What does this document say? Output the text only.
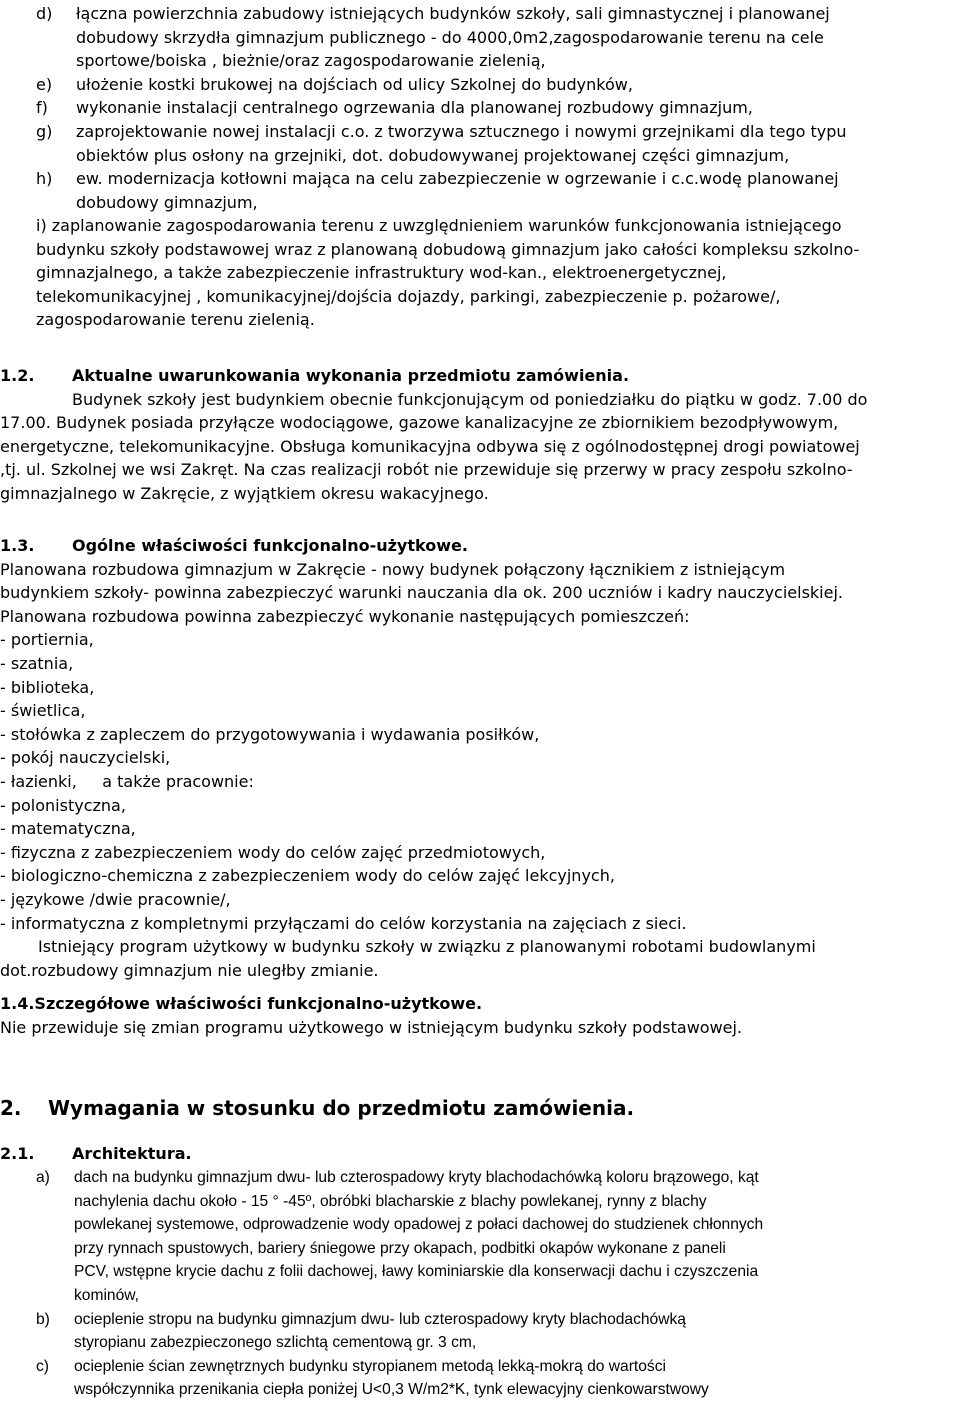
d)	łączna powierzchnia zabudowy istniejących budynków szkoły, sali gimnastycznej i planowanej

dobudowy skrzydła gimnazjum publicznego - do 4000,0m2,zagospodarowanie terenu na cele

sportowe/boiska , bieżnie/oraz zagospodarowanie zielenią,

e)	ułożenie kostki brukowej na dojściach od ulicy Szkolnej do budynków,

f)	wykonanie instalacji centralnego ogrzewania dla planowanej rozbudowy gimnazjum,

g)	zaprojektowanie nowej instalacji c.o. z tworzywa sztucznego i nowymi grzejnikami dla tego typu

obiektów plus osłony na grzejniki, dot. dobudowywanej projektowanej części gimnazjum,

h)	ew. modernizacja kotłowni mająca na celu zabezpieczenie w ogrzewanie i c.c.wodę planowanej

dobudowy gimnazjum,

i) zaplanowanie zagospodarowania terenu z uwzględnieniem warunków funkcjonowania istniejącego

budynku szkoły podstawowej wraz z planowaną dobudową gimnazjum jako całości kompleksu szkolno-

gimnazjalnego, a także zabezpieczenie infrastruktury wod-kan., elektroenergetycznej,

telekomunikacyjnej , komunikacyjnej/dojścia dojazdy, parkingi, zabezpieczenie p. pożarowe/,

zagospodarowanie terenu zielenią.

1.2. Aktualne uwarunkowania wykonania przedmiotu zamówienia.

Budynek szkoły jest budynkiem obecnie funkcjonującym od poniedziałku do piątku w godz. 7.00 do

17.00. Budynek posiada przyłącze wodociągowe, gazowe kanalizacyjne ze zbiornikiem bezodpływowym,

energetyczne, telekomunikacyjne. Obsługa komunikacyjna odbywa się z ogólnodostępnej drogi powiatowej

,tj. ul. Szkolnej we wsi Zakręt. Na czas realizacji robót nie przewiduje się przerwy w pracy zespołu szkolno-

gimnazjalnego w Zakręcie, z wyjątkiem okresu wakacyjnego.

1.3. Ogólne właściwości funkcjonalno-użytkowe.

Planowana rozbudowa gimnazjum w Zakręcie - nowy budynek połączony łącznikiem z istniejącym

budynkiem szkoły- powinna zabezpieczyć warunki nauczania dla ok. 200 uczniów i kadry nauczycielskiej.

Planowana rozbudowa powinna zabezpieczyć wykonanie następujących pomieszczeń:

- portiernia,

- szatnia,

- biblioteka,

- świetlica,

- stołówka z zapleczem do przygotowywania i wydawania posiłków,

- pokój nauczycielski,

- łazienki,     a także pracownie:

- polonistyczna,

- matematyczna,

- fizyczna z zabezpieczeniem wody do celów zajęć przedmiotowych,

- biologiczno-chemiczna z zabezpieczeniem wody do celów zajęć lekcyjnych,

- językowe /dwie pracownie/,

- informatyczna z kompletnymi przyłączami do celów korzystania na zajęciach z sieci.

Istniejący program użytkowy w budynku szkoły w związku z planowanymi robotami budowlanymi

dot.rozbudowy gimnazjum nie uległby zmianie.

1.4.Szczegółowe właściwości funkcjonalno-użytkowe.

Nie przewiduje się zmian programu użytkowego w istniejącym budynku szkoły podstawowej.

2. Wymagania w stosunku do przedmiotu zamówienia.

2.1. Architektura.

a)	dach na budynku gimnazjum dwu- lub czterospadowy kryty blachodachówką koloru brązowego, kąt

nachylenia dachu około - 15 ° -45º, obróbki blacharskie z blachy powlekanej, rynny z blachy

powlekanej systemowe, odprowadzenie wody opadowej z połaci dachowej do studzienek chłonnych

przy rynnach spustowych, bariery śniegowe przy okapach, podbitki okapów wykonane z paneli

PCV, wstępne krycie dachu z folii dachowej, ławy kominiarskie dla konserwacji dachu i czyszczenia

kominów,

b)	ocieplenie stropu na budynku gimnazjum dwu- lub czterospadowy kryty blachodachówką

styropianu zabezpieczonego szlichtą cementową gr. 3 cm,

c)	ocieplenie ścian zewnętrznych budynku styropianem metodą lekką-mokrą do wartości

współczynnika przenikania ciepła poniżej U<0,3 W/m2*K, tynk elewacyjny cienkowarstwowy
